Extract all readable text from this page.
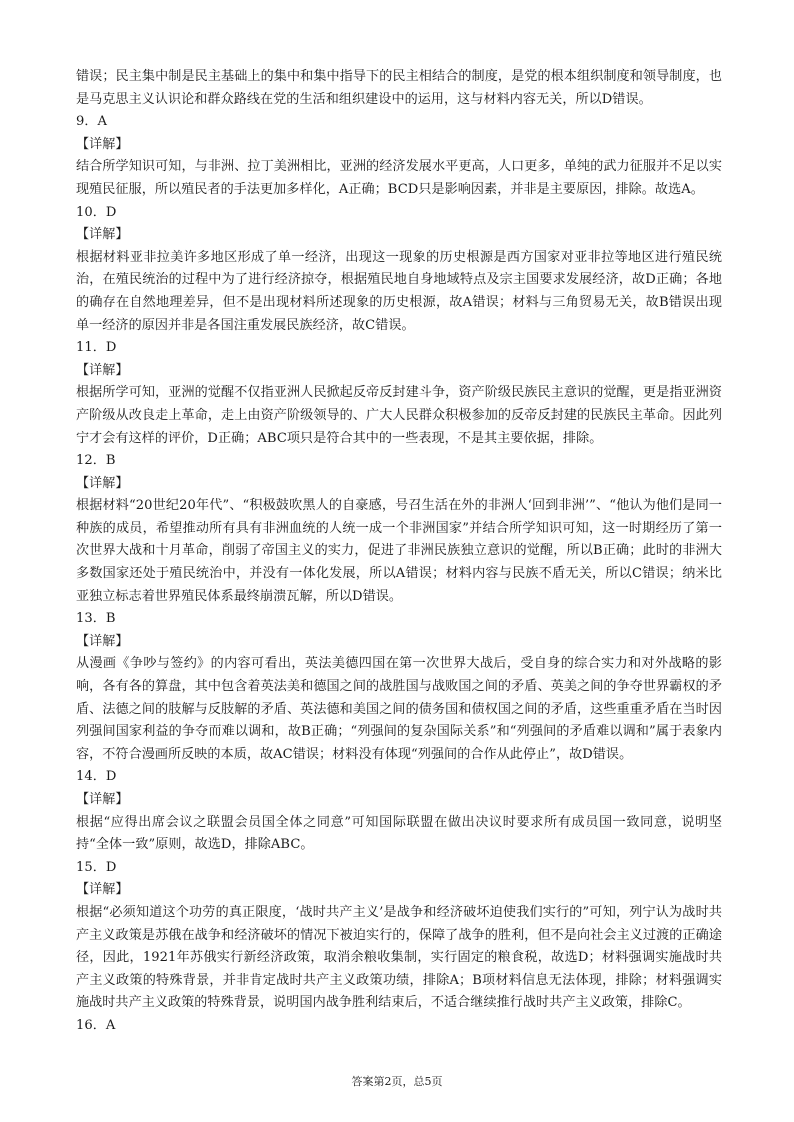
错误；民主集中制是民主基础上的集中和集中指导下的民主相结合的制度，是党的根本组织制度和领导制度，也是马克思主义认识论和群众路线在党的生活和组织建设中的运用，这与材料内容无关，所以D错误。

9．A

【详解】

结合所学知识可知，与非洲、拉丁美洲相比，亚洲的经济发展水平更高，人口更多，单纯的武力征服并不足以实现殖民征服，所以殖民者的手法更加多样化，A正确；BCD只是影响因素，并非是主要原因，排除。故选A。

10．D

【详解】

根据材料亚非拉美许多地区形成了单一经济，出现这一现象的历史根源是西方国家对亚非拉等地区进行殖民统治，在殖民统治的过程中为了进行经济掠夺，根据殖民地自身地域特点及宗主国要求发展经济，故D正确；各地的确存在自然地理差异，但不是出现材料所述现象的历史根源，故A错误；材料与三角贸易无关，故B错误出现单一经济的原因并非是各国注重发展民族经济，故C错误。

11．D

【详解】

根据所学可知，亚洲的觉醒不仅指亚洲人民掀起反帝反封建斗争，资产阶级民族民主意识的觉醒，更是指亚洲资产阶级从改良走上革命，走上由资产阶级领导的、广大人民群众积极参加的反帝反封建的民族民主革命。因此列宁才会有这样的评价，D正确；ABC项只是符合其中的一些表现，不是其主要依据，排除。

12．B

【详解】

根据材料“20世纪20年代”、“积极鼓吹黑人的自豪感，号召生活在外的非洲人‘回到非洲’”、“他认为他们是同一种族的成员，希望推动所有具有非洲血统的人统一成一个非洲国家”并结合所学知识可知，这一时期经历了第一次世界大战和十月革命，削弱了帝国主义的实力，促进了非洲民族独立意识的觉醒，所以B正确；此时的非洲大多数国家还处于殖民统治中，并没有一体化发展，所以A错误；材料内容与民族不盾无关，所以C错误；纳米比亚独立标志着世界殖民体系最终崩溃瓦解，所以D错误。

13．B

【详解】

从漫画《争吵与签约》的内容可看出，英法美德四国在第一次世界大战后，受自身的综合实力和对外战略的影响，各有各的算盘，其中包含着英法美和德国之间的战胜国与战败国之间的矛盾、英美之间的争夺世界霸权的矛盾、法德之间的肢解与反肢解的矛盾、英法德和美国之间的债务国和债权国之间的矛盾，这些重重矛盾在当时因列强间国家利益的争夺而难以调和，故B正确；“列强间的复杂国际关系”和“列强间的矛盾难以调和”属于表象内容，不符合漫画所反映的本质，故AC错误；材料没有体现“列强间的合作从此停止”，故D错误。

14．D

【详解】

根据“应得出席会议之联盟会员国全体之同意”可知国际联盟在做出决议时要求所有成员国一致同意，说明坚持“全体一致”原则，故选D，排除ABC。

15．D

【详解】

根据“必须知道这个功劳的真正限度，‘战时共产主义’是战争和经济破坏迫使我们实行的”可知，列宁认为战时共产主义政策是苏俄在战争和经济破坏的情况下被迫实行的，保障了战争的胜利，但不是向社会主义过渡的正确途径，因此，1921年苏俄实行新经济政策，取消余粮收集制，实行固定的粮食税，故选D；材料强调实施战时共产主义政策的特殊背景，并非肯定战时共产主义政策功绩，排除A；B项材料信息无法体现，排除；材料强调实施战时共产主义政策的特殊背景，说明国内战争胜利结束后，不适合继续推行战时共产主义政策，排除C。

16．A

答案第2页，总5页
